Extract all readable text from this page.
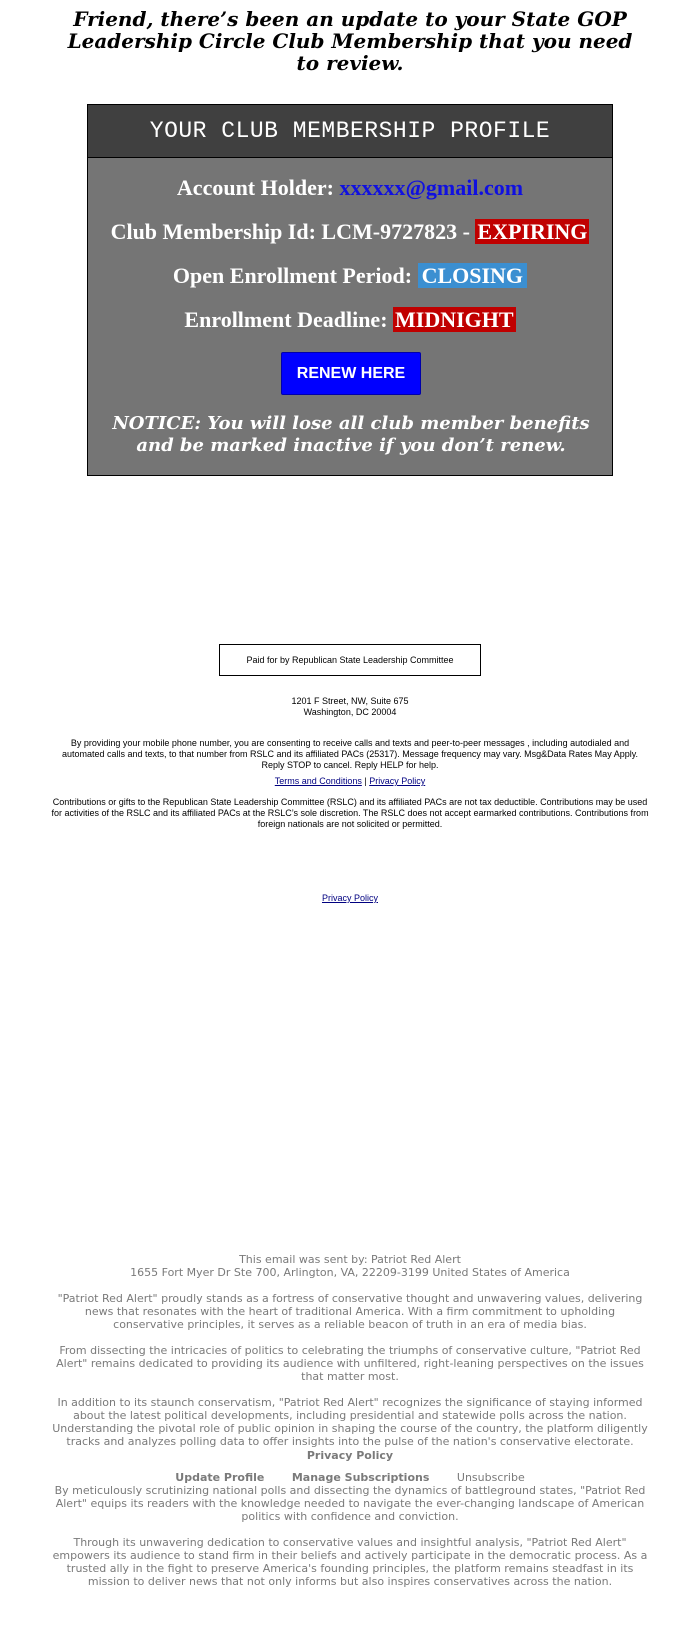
Friend, there’s been an update to your State GOP Leadership Circle Club Membership that you need to review.
YOUR CLUB MEMBERSHIP PROFILE
Account Holder: xxxxxx@gmail.com
Club Membership Id: LCM-9727823 - EXPIRING
Open Enrollment Period: CLOSING
Enrollment Deadline: MIDNIGHT
RENEW HERE
NOTICE: You will lose all club member benefits and be marked inactive if you don’t renew.
Paid for by Republican State Leadership Committee
1201 F Street, NW, Suite 675
Washington, DC 20004
By providing your mobile phone number, you are consenting to receive calls and texts and peer-to-peer messages , including autodialed and automated calls and texts, to that number from RSLC and its affiliated PACs (25317). Message frequency may vary. Msg&Data Rates May Apply. Reply STOP to cancel. Reply HELP for help.
Terms and Conditions | Privacy Policy
Contributions or gifts to the Republican State Leadership Committee (RSLC) and its affiliated PACs are not tax deductible. Contributions may be used for activities of the RSLC and its affiliated PACs at the RSLC’s sole discretion. The RSLC does not accept earmarked contributions. Contributions from foreign nationals are not solicited or permitted.
Privacy Policy
This email was sent by: Patriot Red Alert
1655 Fort Myer Dr Ste 700, Arlington, VA, 22209-3199 United States of America
"Patriot Red Alert" proudly stands as a fortress of conservative thought and unwavering values, delivering news that resonates with the heart of traditional America. With a firm commitment to upholding conservative principles, it serves as a reliable beacon of truth in an era of media bias.
From dissecting the intricacies of politics to celebrating the triumphs of conservative culture, "Patriot Red Alert" remains dedicated to providing its audience with unfiltered, right-leaning perspectives on the issues that matter most.
In addition to its staunch conservatism, "Patriot Red Alert" recognizes the significance of staying informed about the latest political developments, including presidential and statewide polls across the nation. Understanding the pivotal role of public opinion in shaping the course of the country, the platform diligently tracks and analyzes polling data to offer insights into the pulse of the nation's conservative electorate.
Privacy Policy
Update Profile	Manage Subscriptions	Unsubscribe
By meticulously scrutinizing national polls and dissecting the dynamics of battleground states, "Patriot Red Alert" equips its readers with the knowledge needed to navigate the ever-changing landscape of American politics with confidence and conviction.
Through its unwavering dedication to conservative values and insightful analysis, "Patriot Red Alert" empowers its audience to stand firm in their beliefs and actively participate in the democratic process. As a trusted ally in the fight to preserve America's founding principles, the platform remains steadfast in its mission to deliver news that not only informs but also inspires conservatives across the nation.
